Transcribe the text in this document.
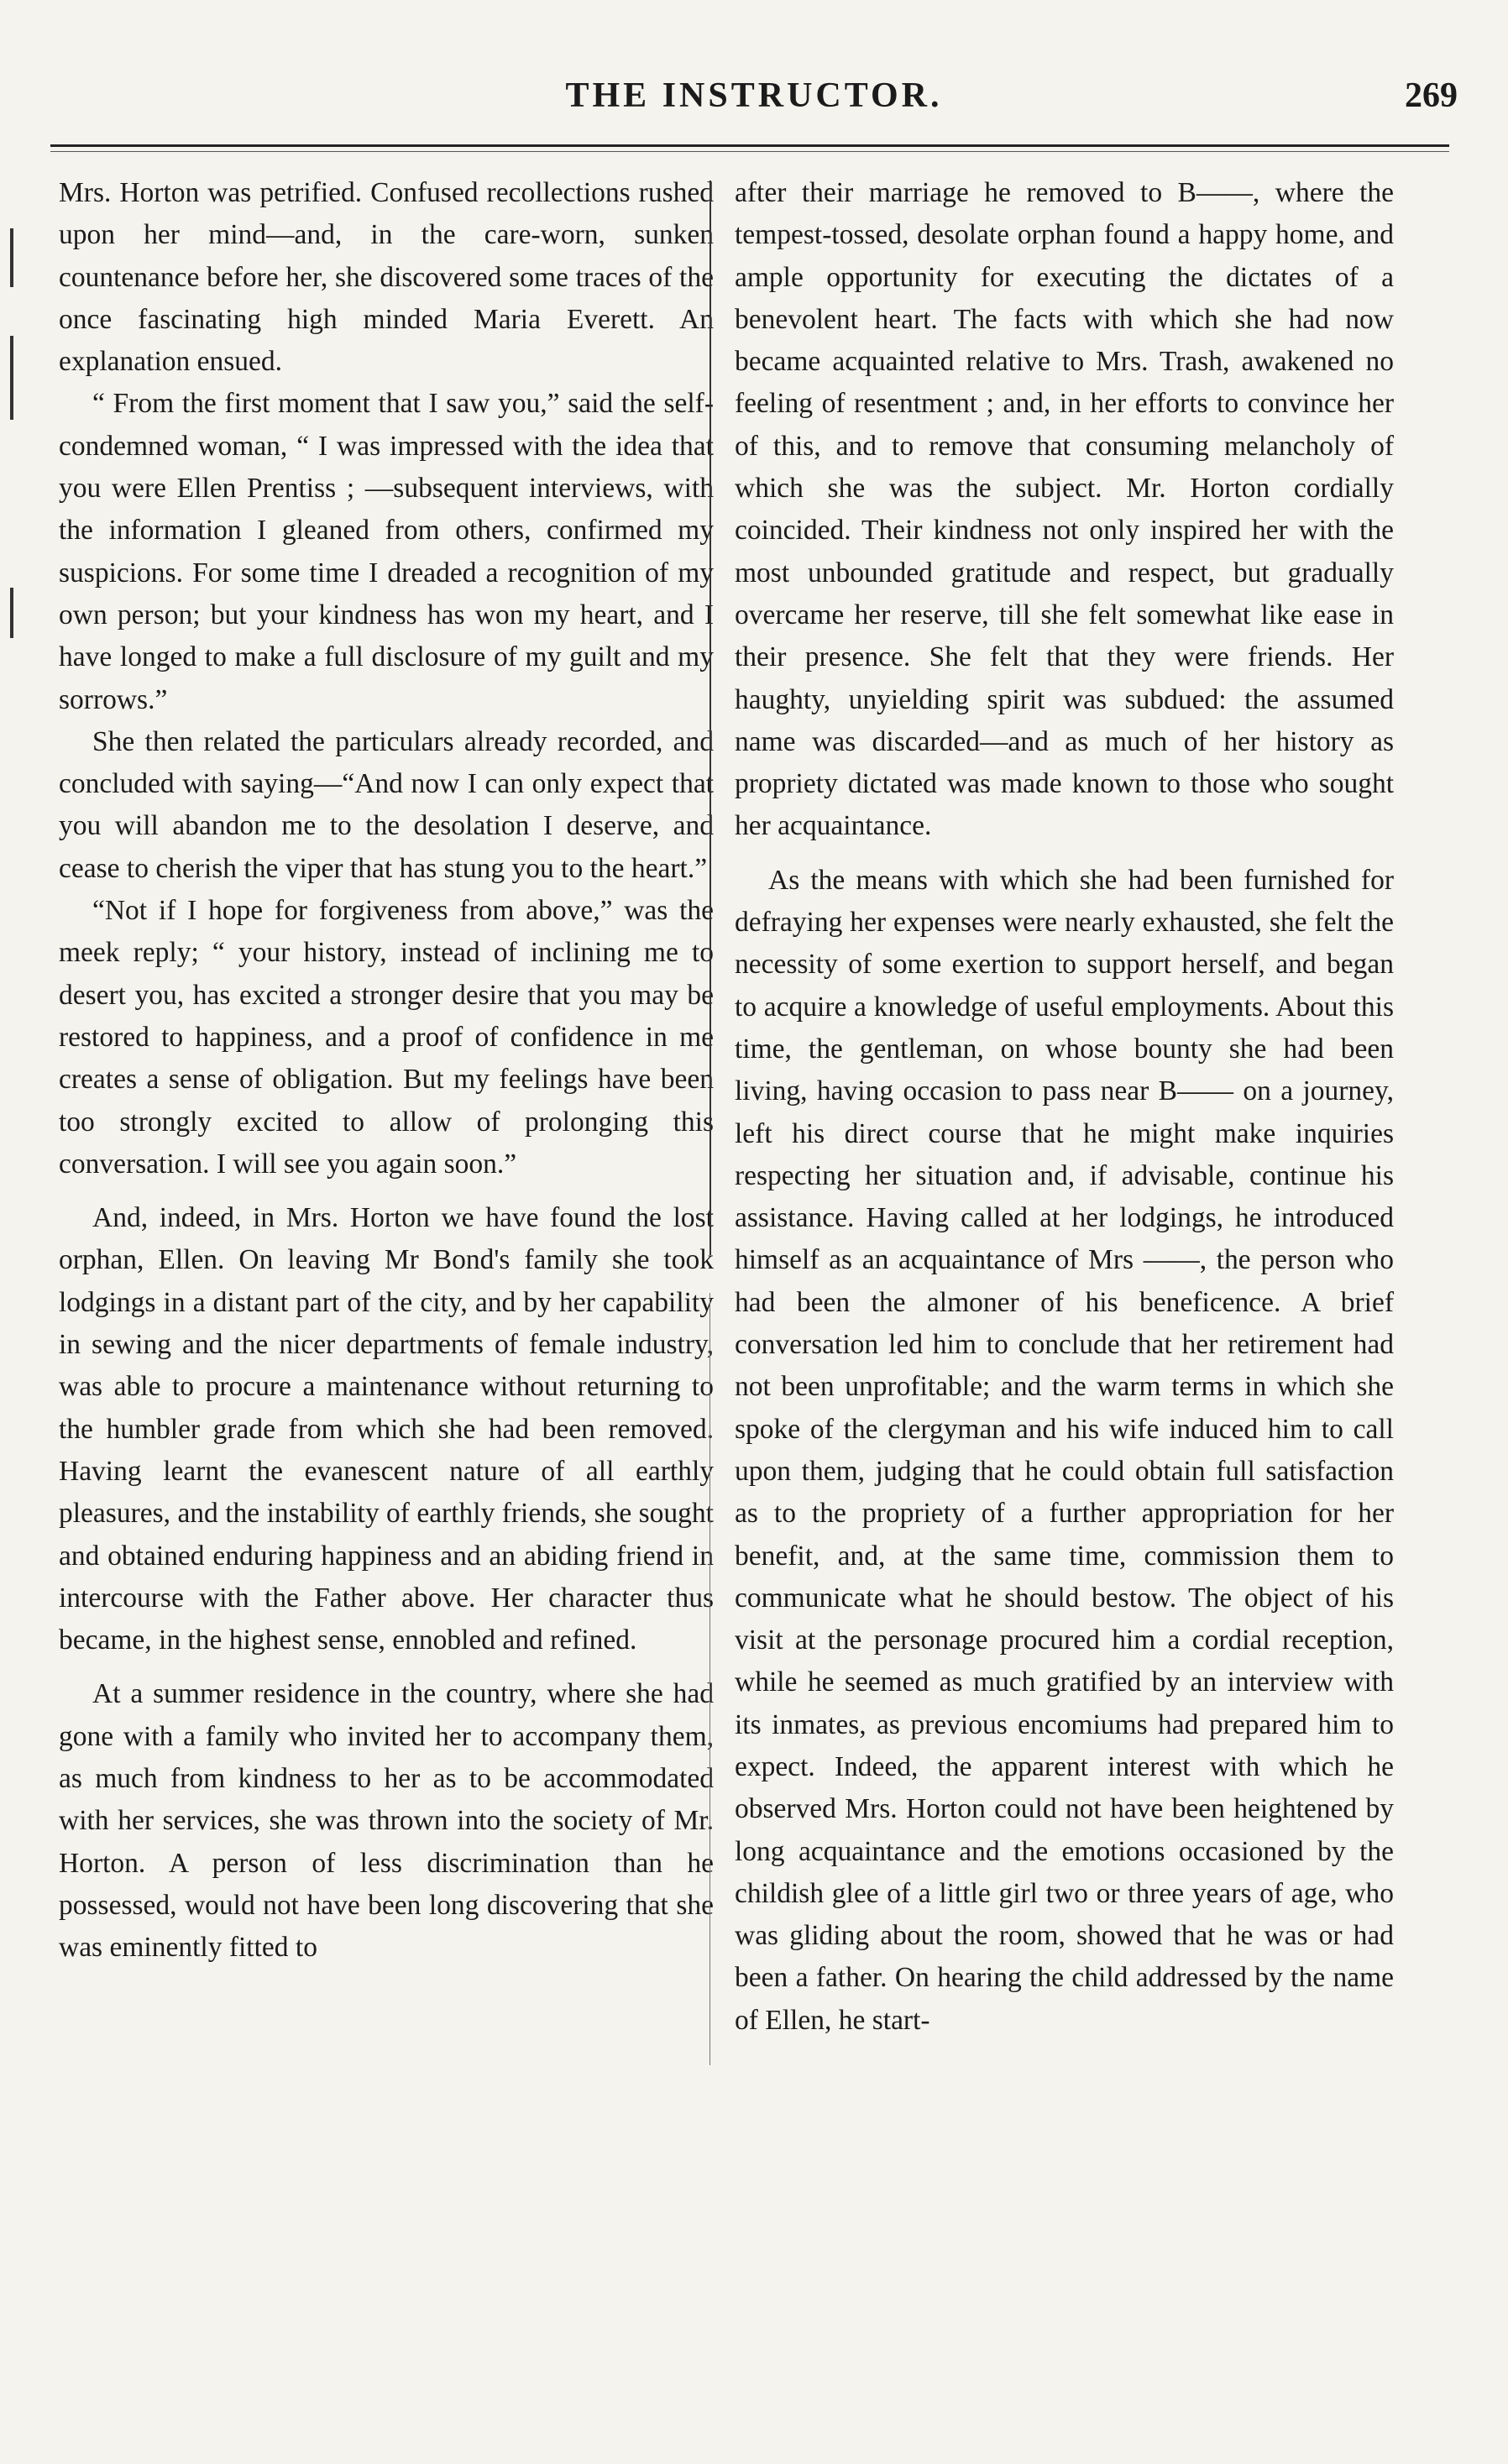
THE INSTRUCTOR.	269

Mrs. Horton was petrified. Confused recollections rushed upon her mind—and, in the care-worn, sunken countenance before her, she discovered some traces of the once fascinating high minded Maria Everett. An explanation ensued.

“ From the first moment that I saw you,” said the self-condemned woman, “ I was impressed with the idea that you were Ellen Prentiss ; —subsequent interviews, with the information I gleaned from others, confirmed my suspicions. For some time I dreaded a recognition of my own person; but your kindness has won my heart, and I have longed to make a full disclosure of my guilt and my sorrows.”

She then related the particulars already recorded, and concluded with saying—“And now I can only expect that you will abandon me to the desolation I deserve, and cease to cherish the viper that has stung you to the heart.”

“Not if I hope for forgiveness from above,” was the meek reply; “ your history, instead of inclining me to desert you, has excited a stronger desire that you may be restored to happiness, and a proof of confidence in me creates a sense of obligation. But my feelings have been too strongly excited to allow of prolonging this conversation. I will see you again soon.”

And, indeed, in Mrs. Horton we have found the lost orphan, Ellen. On leaving Mr Bond's family she took lodgings in a distant part of the city, and by her capability in sewing and the nicer departments of female industry, was able to procure a maintenance without returning to the humbler grade from which she had been removed. Having learnt the evanescent nature of all earthly pleasures, and the instability of earthly friends, she sought and obtained enduring happiness and an abiding friend in intercourse with the Father above. Her character thus became, in the highest sense, ennobled and refined.

At a summer residence in the country, where she had gone with a family who invited her to accompany them, as much from kindness to her as to be accommodated with her services, she was thrown into the society of Mr. Horton. A person of less discrimination than he possessed, would not have been long discovering that she was eminently fitted to

after their marriage he removed to B——, where the tempest-tossed, desolate orphan found a happy home, and ample opportunity for executing the dictates of a benevolent heart. The facts with which she had now became acquainted relative to Mrs. Trash, awakened no feeling of resentment ; and, in her efforts to convince her of this, and to remove that consuming melancholy of which she was the subject. Mr. Horton cordially coincided. Their kindness not only inspired her with the most unbounded gratitude and respect, but gradually overcame her reserve, till she felt somewhat like ease in their presence. She felt that they were friends. Her haughty, unyielding spirit was subdued: the assumed name was discarded—and as much of her history as propriety dictated was made known to those who sought her acquaintance.

As the means with which she had been furnished for defraying her expenses were nearly exhausted, she felt the necessity of some exertion to support herself, and began to acquire a knowledge of useful employments. About this time, the gentleman, on whose bounty she had been living, having occasion to pass near B—— on a journey, left his direct course that he might make inquiries respecting her situation and, if advisable, continue his assistance. Having called at her lodgings, he introduced himself as an acquaintance of Mrs ——, the person who had been the almoner of his beneficence. A brief conversation led him to conclude that her retirement had not been unprofitable; and the warm terms in which she spoke of the clergyman and his wife induced him to call upon them, judging that he could obtain full satisfaction as to the propriety of a further appropriation for her benefit, and, at the same time, commission them to communicate what he should bestow. The object of his visit at the personage procured him a cordial reception, while he seemed as much gratified by an interview with its inmates, as previous encomiums had prepared him to expect. Indeed, the apparent interest with which he observed Mrs. Horton could not have been heightened by long acquaintance and the emotions occasioned by the childish glee of a little girl two or three years of age, who was gliding about the room, showed that he was or had been a father. On hearing the child addressed by the name of Ellen, he start-
